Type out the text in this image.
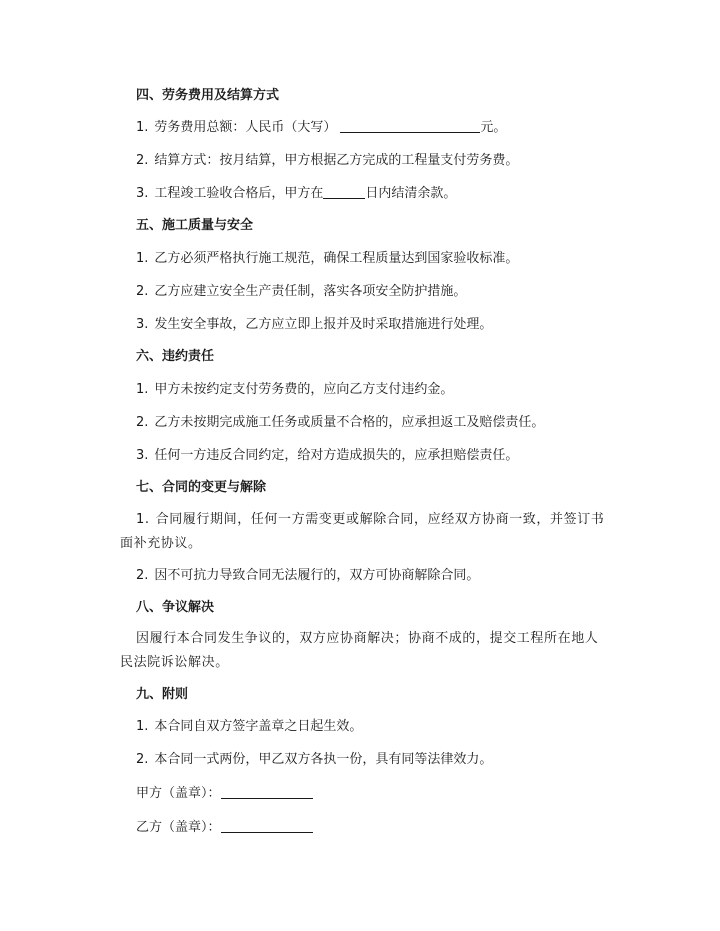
四、劳务费用及结算方式
1. 劳务费用总额：人民币（大写）	元。
2. 结算方式：按月结算，甲方根据乙方完成的工程量支付劳务费。
3. 工程竣工验收合格后，甲方在	日内结清余款。
五、施工质量与安全
1. 乙方必须严格执行施工规范，确保工程质量达到国家验收标准。
2. 乙方应建立安全生产责任制，落实各项安全防护措施。
3. 发生安全事故，乙方应立即上报并及时采取措施进行处理。
六、违约责任
1. 甲方未按约定支付劳务费的，应向乙方支付违约金。
2. 乙方未按期完成施工任务或质量不合格的，应承担返工及赔偿责任。
3. 任何一方违反合同约定，给对方造成损失的，应承担赔偿责任。
七、合同的变更与解除
1. 合同履行期间，任何一方需变更或解除合同，应经双方协商一致，并签订书面补充协议。
2. 因不可抗力导致合同无法履行的，双方可协商解除合同。
八、争议解决
因履行本合同发生争议的，双方应协商解决；协商不成的，提交工程所在地人民法院诉讼解决。
九、附则
1. 本合同自双方签字盖章之日起生效。
2. 本合同一式两份，甲乙双方各执一份，具有同等法律效力。
甲方（盖章）：
乙方（盖章）：
